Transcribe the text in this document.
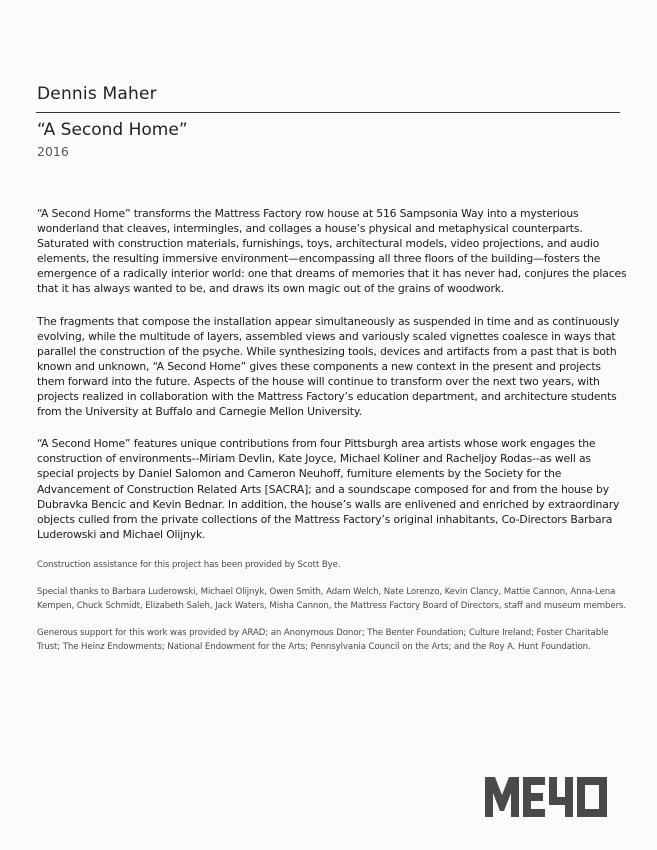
Dennis Maher
“A Second Home”
2016

“A Second Home” transforms the Mattress Factory row house at 516 Sampsonia Way into a mysterious wonderland that cleaves, intermingles, and collages a house’s physical and metaphysical counterparts. Saturated with construction materials, furnishings, toys, architectural models, video projections, and audio elements, the resulting immersive environment—encompassing all three floors of the building—fosters the emergence of a radically interior world: one that dreams of memories that it has never had, conjures the places that it has always wanted to be, and draws its own magic out of the grains of woodwork.

The fragments that compose the installation appear simultaneously as suspended in time and as continuously evolving, while the multitude of layers, assembled views and variously scaled vignettes coalesce in ways that parallel the construction of the psyche. While synthesizing tools, devices and artifacts from a past that is both known and unknown, “A Second Home” gives these components a new context in the present and projects them forward into the future. Aspects of the house will continue to transform over the next two years, with projects realized in collaboration with the Mattress Factory’s education department, and architecture students from the University at Buffalo and Carnegie Mellon University.

“A Second Home” features unique contributions from four Pittsburgh area artists whose work engages the construction of environments--Miriam Devlin, Kate Joyce, Michael Koliner and Racheljoy Rodas--as well as special projects by Daniel Salomon and Cameron Neuhoff, furniture elements by the Society for the Advancement of Construction Related Arts [SACRA]; and a soundscape composed for and from the house by Dubravka Bencic and Kevin Bednar. In addition, the house’s walls are enlivened and enriched by extraordinary objects culled from the private collections of the Mattress Factory’s original inhabitants, Co-Directors Barbara Luderowski and Michael Olijnyk.

Construction assistance for this project has been provided by Scott Bye.

Special thanks to Barbara Luderowski, Michael Olijnyk, Owen Smith, Adam Welch, Nate Lorenzo, Kevin Clancy, Mattie Cannon, Anna-Lena Kempen, Chuck Schmidt, Elizabeth Saleh, Jack Waters, Misha Cannon, the Mattress Factory Board of Directors, staff and museum members.

Generous support for this work was provided by ARAD; an Anonymous Donor; The Benter Foundation; Culture Ireland; Foster Charitable Trust; The Heinz Endowments; National Endowment for the Arts; Pennsylvania Council on the Arts; and the Roy A. Hunt Foundation.
